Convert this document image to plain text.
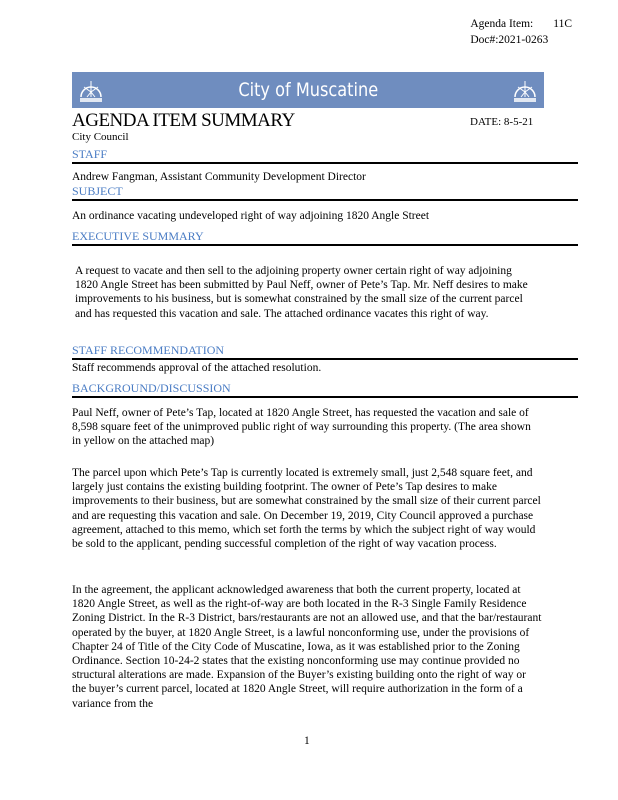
Agenda Item: 11C
Doc#:2021-0263
City of Muscatine
AGENDA ITEM SUMMARY	DATE: 8-5-21
City Council
STAFF
Andrew Fangman, Assistant Community Development Director
SUBJECT
An ordinance vacating undeveloped right of way adjoining 1820 Angle Street
EXECUTIVE SUMMARY
A request to vacate and then sell to the adjoining property owner certain right of way adjoining 1820 Angle Street has been submitted by Paul Neff, owner of Pete’s Tap. Mr. Neff desires to make improvements to his business, but is somewhat constrained by the small size of the current parcel and has requested this vacation and sale. The attached ordinance vacates this right of way.
STAFF RECOMMENDATION
Staff recommends approval of the attached resolution.
BACKGROUND/DISCUSSION
Paul Neff, owner of Pete’s Tap, located at 1820 Angle Street, has requested the vacation and sale of 8,598 square feet of the unimproved public right of way surrounding this property. (The area shown in yellow on the attached map)
The parcel upon which Pete’s Tap is currently located is extremely small, just 2,548 square feet, and largely just contains the existing building footprint. The owner of Pete’s Tap desires to make improvements to their business, but are somewhat constrained by the small size of their current parcel and are requesting this vacation and sale. On December 19, 2019, City Council approved a purchase agreement, attached to this memo, which set forth the terms by which the subject right of way would be sold to the applicant, pending successful completion of the right of way vacation process.
In the agreement, the applicant acknowledged awareness that both the current property, located at 1820 Angle Street, as well as the right-of-way are both located in the R-3 Single Family Residence Zoning District. In the R-3 District, bars/restaurants are not an allowed use, and that the bar/restaurant operated by the buyer, at 1820 Angle Street, is a lawful nonconforming use, under the provisions of Chapter 24 of Title of the City Code of Muscatine, Iowa, as it was established prior to the Zoning Ordinance. Section 10-24-2 states that the existing nonconforming use may continue provided no structural alterations are made. Expansion of the Buyer’s existing building onto the right of way or the buyer’s current parcel, located at 1820 Angle Street, will require authorization in the form of a variance from the
1
